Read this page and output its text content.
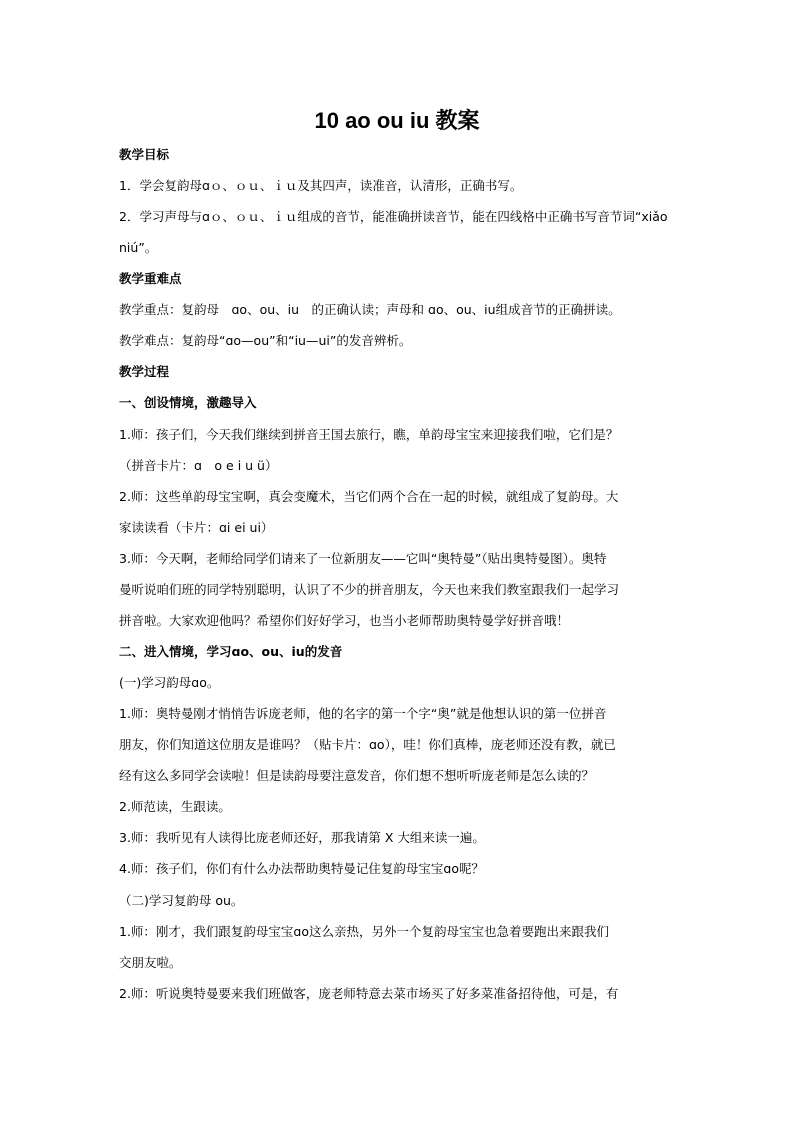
10 ao ou iu 教案
教学目标
1．学会复韵母ɑｏ、ｏｕ、ｉｕ及其四声，读准音，认清形，正确书写。
2．学习声母与ɑｏ、ｏｕ、ｉｕ组成的音节，能准确拼读音节，能在四线格中正确书写音节词“xiǎo
niú”。
教学重难点
教学重点：复韵母　ɑo、ou、iu　的正确认读；声母和 ɑo、ou、iu组成音节的正确拼读。
教学难点：复韵母“ɑo—ou”和“iu—ui”的发音辨析。
教学过程
一、创设情境，激趣导入
1.师：孩子们，今天我们继续到拼音王国去旅行，瞧，单韵母宝宝来迎接我们啦，它们是？
（拼音卡片：ɑ　o e i u ü）
2.师：这些单韵母宝宝啊，真会变魔术，当它们两个合在一起的时候，就组成了复韵母。大
家读读看（卡片：ɑi ei ui）
3.师：今天啊，老师给同学们请来了一位新朋友——它叫“奥特曼”（贴出奥特曼图）。奥特
曼听说咱们班的同学特别聪明，认识了不少的拼音朋友，今天也来我们教室跟我们一起学习
拼音啦。大家欢迎他吗？希望你们好好学习，也当小老师帮助奥特曼学好拼音哦！
二、进入情境，学习ɑo、ou、iu的发音
(一)学习韵母ɑo。
1.师：奥特曼刚才悄悄告诉庞老师，他的名字的第一个字“奥”就是他想认识的第一位拼音
朋友，你们知道这位朋友是谁吗？（贴卡片：ɑo），哇！你们真棒，庞老师还没有教，就已
经有这么多同学会读啦！但是读韵母要注意发音，你们想不想听听庞老师是怎么读的？
2.师范读，生跟读。
3.师：我听见有人读得比庞老师还好，那我请第 X 大组来读一遍。
4.师：孩子们，你们有什么办法帮助奥特曼记住复韵母宝宝ɑo呢？
（二)学习复韵母 ou。
1.师：刚才，我们跟复韵母宝宝ɑo这么亲热，另外一个复韵母宝宝也急着要跑出来跟我们
交朋友啦。
2.师：听说奥特曼要来我们班做客，庞老师特意去菜市场买了好多菜准备招待他，可是，有
